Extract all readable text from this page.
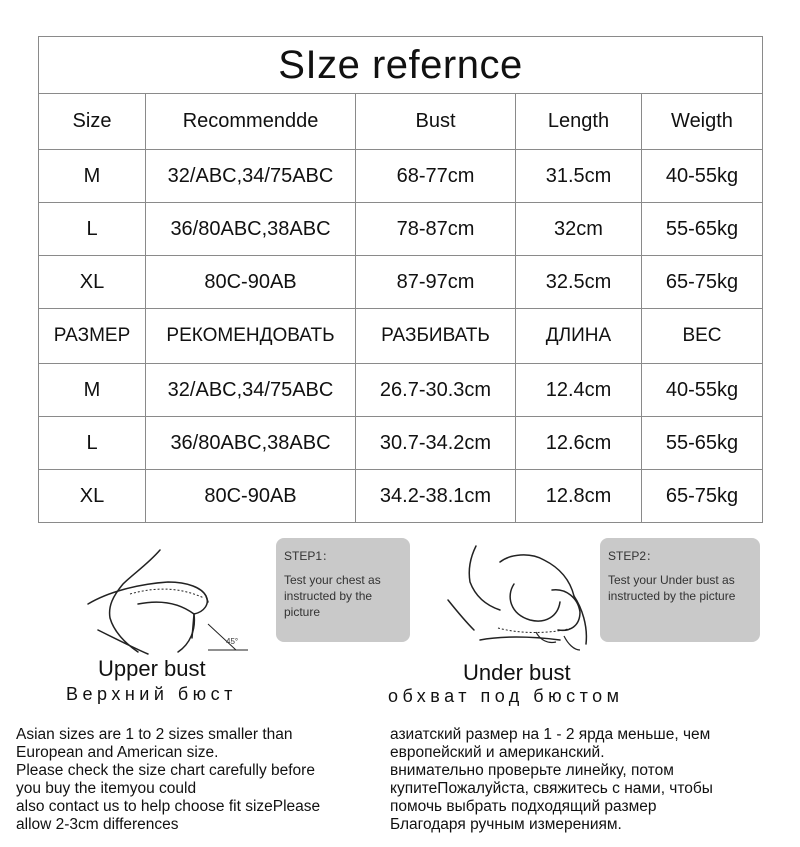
SIze refernce				
Size	Recommendde	Bust	Length	Weigth
M	32/ABC,34/75ABC	68-77cm	31.5cm	40-55kg
L	36/80ABC,38ABC	78-87cm	32cm	55-65kg
XL	80C-90AB	87-97cm	32.5cm	65-75kg
РАЗМЕР	РЕКОМЕНДОВАТЬ	РАЗБИВАТЬ	ДЛИНА	ВЕС
M	32/ABC,34/75ABC	26.7-30.3cm	12.4cm	40-55kg
L	36/80ABC,38ABC	30.7-34.2cm	12.6cm	55-65kg
XL	80C-90AB	34.2-38.1cm	12.8cm	65-75kg
45°
STEP1：
Test your chest as instructed by the picture
Upper bust
Верхний бюст
STEP2：
Test your Under bust as instructed by the picture
Under bust
обхват под бюстом
Asian sizes are 1 to 2 sizes smaller than
European and American size.
Please check the size chart carefully before
you buy the itemyou could
also contact us to help choose fit sizePlease
allow 2-3cm differences
азиатский размер на 1 - 2 ярда меньше, чем
европейский и американский.
внимательно проверьте линейку, потом
купитеПожалуйста, свяжитесь с нами, чтобы
помочь выбрать подходящий размер
Благодаря ручным измерениям.
